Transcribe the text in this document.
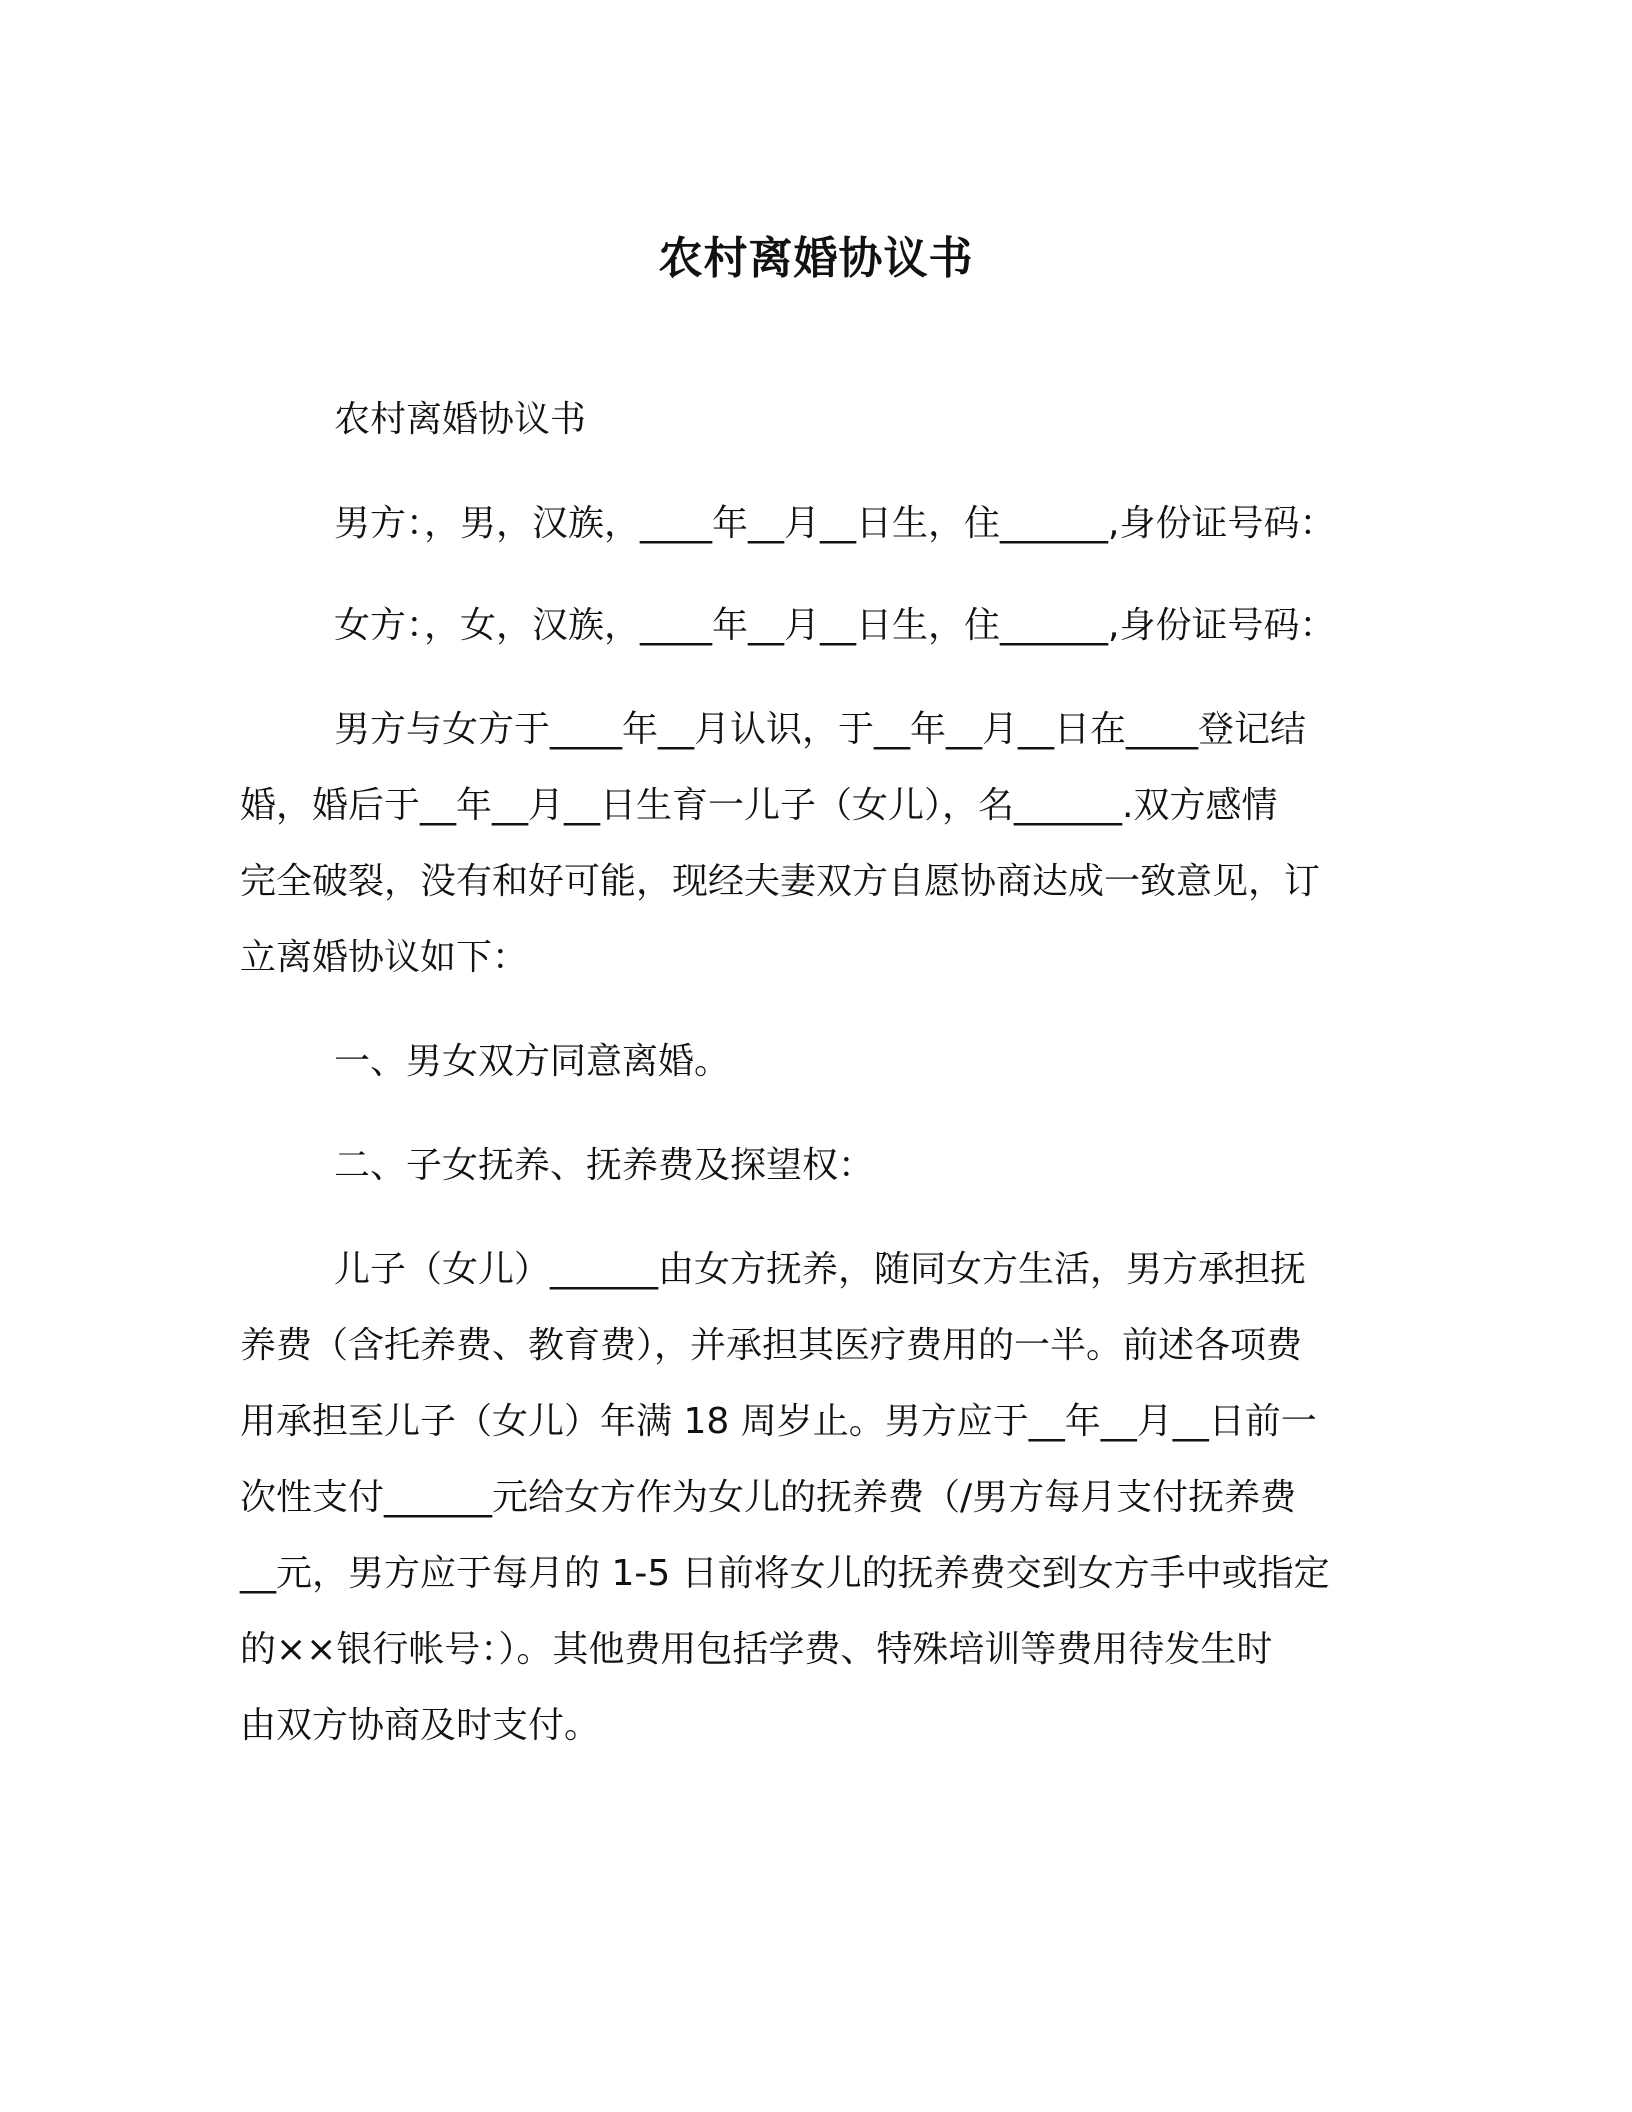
农村离婚协议书
农村离婚协议书
男方：，男，汉族，____年__月__日生，住______,身份证号码：
女方：，女，汉族，____年__月__日生，住______,身份证号码：
男方与女方于____年__月认识，于__年__月__日在____登记结
婚，婚后于__年__月__日生育一儿子（女儿），名______.双方感情
完全破裂，没有和好可能，现经夫妻双方自愿协商达成一致意见，订
立离婚协议如下：
一、男女双方同意离婚。
二、子女抚养、抚养费及探望权：
儿子（女儿）______由女方抚养，随同女方生活，男方承担抚
养费（含托养费、教育费），并承担其医疗费用的一半。前述各项费
用承担至儿子（女儿）年满 18 周岁止。男方应于__年__月__日前一
次性支付______元给女方作为女儿的抚养费（/男方每月支付抚养费
__元，男方应于每月的 1-5 日前将女儿的抚养费交到女方手中或指定
的××银行帐号：）。其他费用包括学费、特殊培训等费用待发生时
由双方协商及时支付。
